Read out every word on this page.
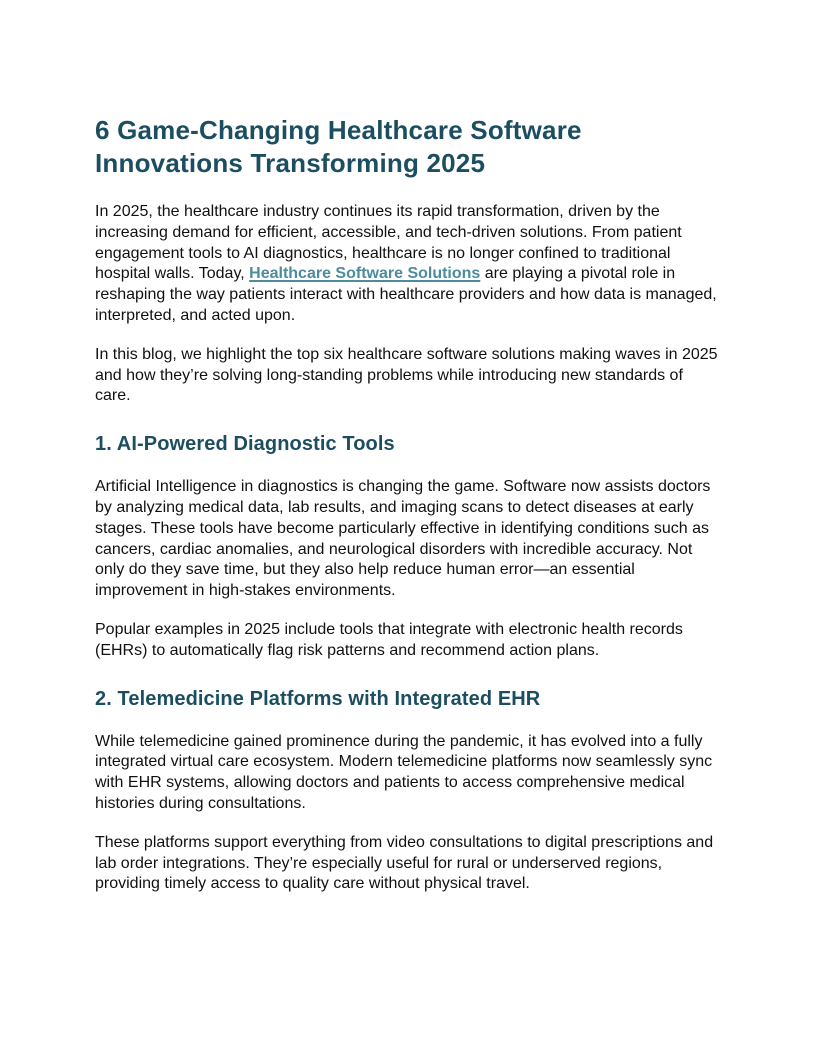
6 Game-Changing Healthcare Software Innovations Transforming 2025

In 2025, the healthcare industry continues its rapid transformation, driven by the increasing demand for efficient, accessible, and tech-driven solutions. From patient engagement tools to AI diagnostics, healthcare is no longer confined to traditional hospital walls. Today, Healthcare Software Solutions are playing a pivotal role in reshaping the way patients interact with healthcare providers and how data is managed, interpreted, and acted upon.

In this blog, we highlight the top six healthcare software solutions making waves in 2025 and how they’re solving long-standing problems while introducing new standards of care.

1. AI-Powered Diagnostic Tools

Artificial Intelligence in diagnostics is changing the game. Software now assists doctors by analyzing medical data, lab results, and imaging scans to detect diseases at early stages. These tools have become particularly effective in identifying conditions such as cancers, cardiac anomalies, and neurological disorders with incredible accuracy. Not only do they save time, but they also help reduce human error—an essential improvement in high-stakes environments.

Popular examples in 2025 include tools that integrate with electronic health records (EHRs) to automatically flag risk patterns and recommend action plans.

2. Telemedicine Platforms with Integrated EHR

While telemedicine gained prominence during the pandemic, it has evolved into a fully integrated virtual care ecosystem. Modern telemedicine platforms now seamlessly sync with EHR systems, allowing doctors and patients to access comprehensive medical histories during consultations.

These platforms support everything from video consultations to digital prescriptions and lab order integrations. They’re especially useful for rural or underserved regions, providing timely access to quality care without physical travel.
